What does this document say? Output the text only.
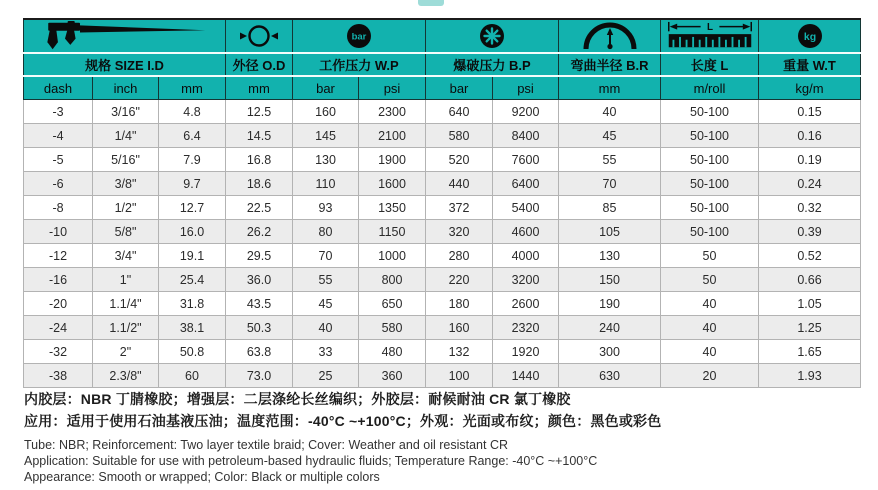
bar					L	kg

规格 SIZE I.D			外径 O.D	工作压力 W.P		爆破压力 B.P		弯曲半径 B.R	长度 L	重量 W.T
dash	inch	mm	mm	bar	psi	bar	psi	mm	m/roll	kg/m
-3	3/16"	4.8	12.5	160	2300	640	9200	40	50-100	0.15
-4	1/4"	6.4	14.5	145	2100	580	8400	45	50-100	0.16
-5	5/16"	7.9	16.8	130	1900	520	7600	55	50-100	0.19
-6	3/8"	9.7	18.6	110	1600	440	6400	70	50-100	0.24
-8	1/2"	12.7	22.5	93	1350	372	5400	85	50-100	0.32
-10	5/8"	16.0	26.2	80	1150	320	4600	105	50-100	0.39
-12	3/4"	19.1	29.5	70	1000	280	4000	130	50	0.52
-16	1"	25.4	36.0	55	800	220	3200	150	50	0.66
-20	1.1/4"	31.8	43.5	45	650	180	2600	190	40	1.05
-24	1.1/2"	38.1	50.3	40	580	160	2320	240	40	1.25
-32	2"	50.8	63.8	33	480	132	1920	300	40	1.65
-38	2.3/8"	60	73.0	25	360	100	1440	630	20	1.93
内胶层：NBR 丁腈橡胶；增强层：二层涤纶长丝编织；外胶层：耐候耐油 CR 氯丁橡胶
应用：适用于使用石油基液压油；温度范围：-40°C ~+100°C；外观：光面或布纹；颜色：黑色或彩色
Tube: NBR; Reinforcement: Two layer textile braid; Cover: Weather and oil resistant CR
Application: Suitable for use with petroleum-based hydraulic fluids; Temperature Range: -40°C ~+100°C
Appearance: Smooth or wrapped; Color: Black or multiple colors
